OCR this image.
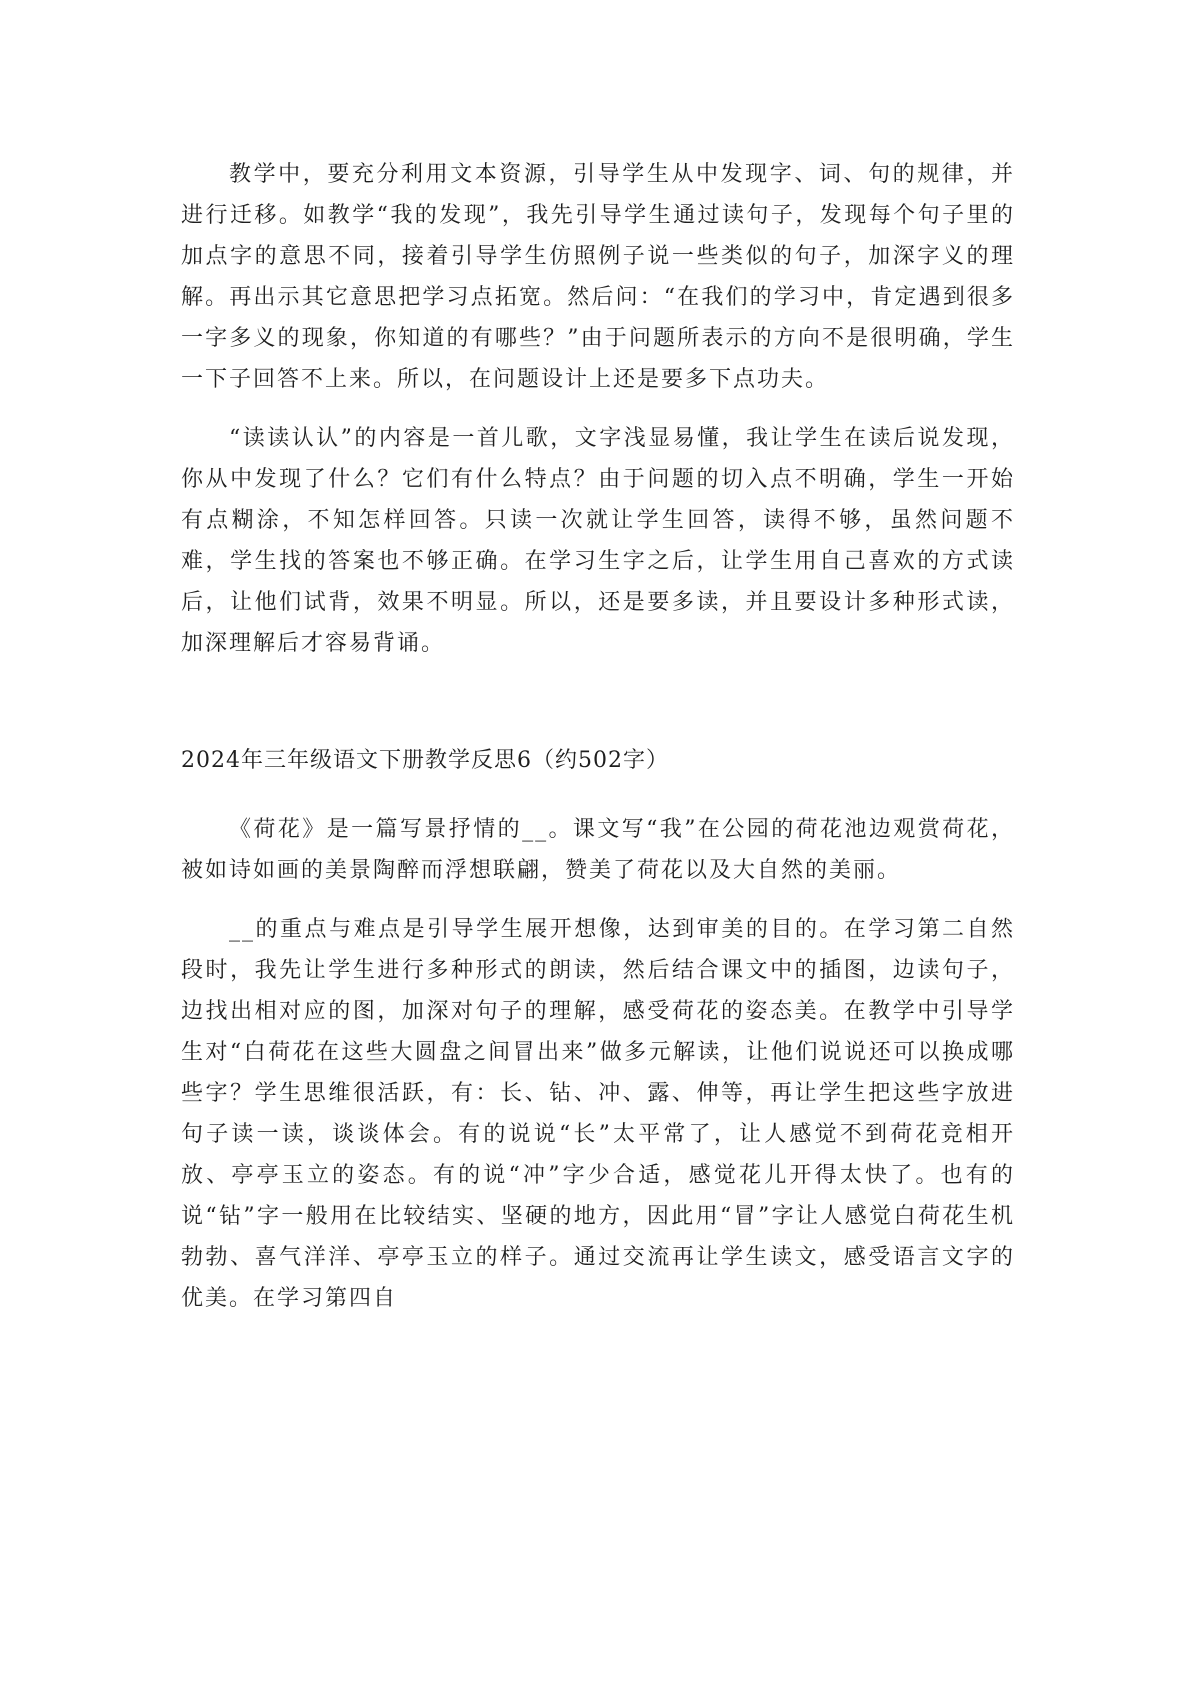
教学中，要充分利用文本资源，引导学生从中发现字、词、句的规律，并进行迁移。如教学“我的发现”，我先引导学生通过读句子，发现每个句子里的加点字的意思不同，接着引导学生仿照例子说一些类似的句子，加深字义的理解。再出示其它意思把学习点拓宽。然后问：“在我们的学习中，肯定遇到很多一字多义的现象，你知道的有哪些？”由于问题所表示的方向不是很明确，学生一下子回答不上来。所以，在问题设计上还是要多下点功夫。

“读读认认”的内容是一首儿歌，文字浅显易懂，我让学生在读后说发现，你从中发现了什么？它们有什么特点？由于问题的切入点不明确，学生一开始有点糊涂，不知怎样回答。只读一次就让学生回答，读得不够，虽然问题不难，学生找的答案也不够正确。在学习生字之后，让学生用自己喜欢的方式读后，让他们试背，效果不明显。所以，还是要多读，并且要设计多种形式读，加深理解后才容易背诵。

2024年三年级语文下册教学反思6（约502字）

《荷花》是一篇写景抒情的__。课文写“我”在公园的荷花池边观赏荷花，被如诗如画的美景陶醉而浮想联翩，赞美了荷花以及大自然的美丽。

__的重点与难点是引导学生展开想像，达到审美的目的。在学习第二自然段时，我先让学生进行多种形式的朗读，然后结合课文中的插图，边读句子，边找出相对应的图，加深对句子的理解，感受荷花的姿态美。在教学中引导学生对“白荷花在这些大圆盘之间冒出来”做多元解读，让他们说说还可以换成哪些字？学生思维很活跃，有：长、钻、冲、露、伸等，再让学生把这些字放进句子读一读，谈谈体会。有的说说“长”太平常了，让人感觉不到荷花竞相开放、亭亭玉立的姿态。有的说“冲”字少合适，感觉花儿开得太快了。也有的说“钻”字一般用在比较结实、坚硬的地方，因此用“冒”字让人感觉白荷花生机勃勃、喜气洋洋、亭亭玉立的样子。通过交流再让学生读文，感受语言文字的优美。在学习第四自
